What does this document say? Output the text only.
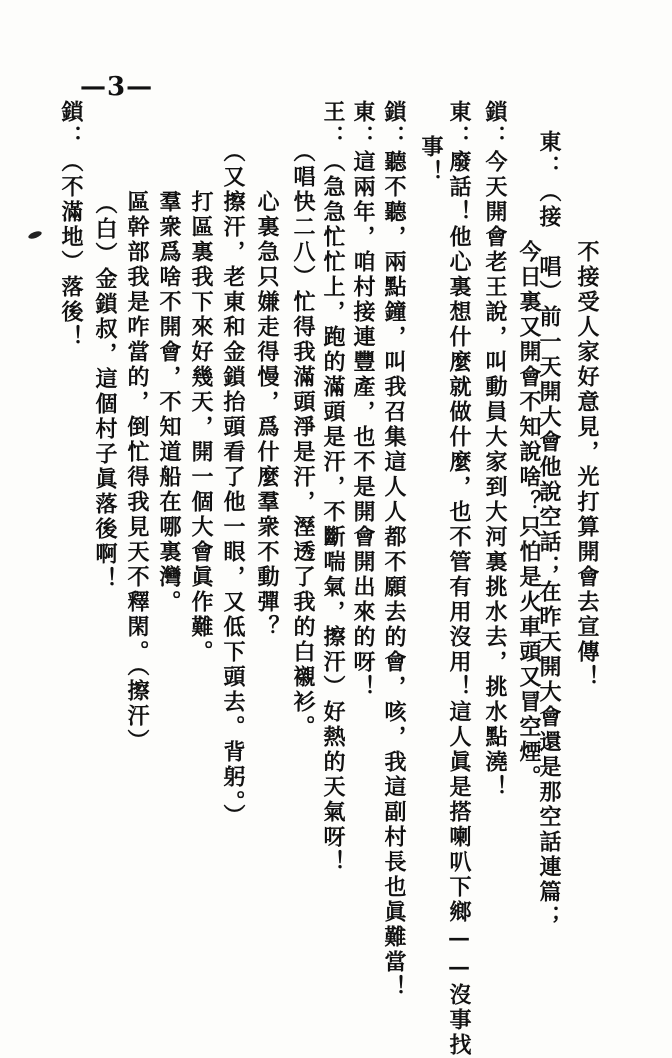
不接受人家好意見，光打算開會去宣傳！
東：（接　唱）前一天開大會他說空話；在昨天開大會還是那空話連篇；
今日裏又開會不知說啥？只怕是火車頭又冒空煙。
鎖：今天開會老王說，叫動員大家到大河裏挑水去，挑水點澆！
東：廢話！他心裏想什麼就做什麼，也不管有用沒用！這人眞是搭喇叭下鄉——沒事找
事！
鎖：聽不聽，兩點鐘，叫我召集這人人都不願去的會，咳，我這副村長也眞難當！
東：這兩年，咱村接連豐產，也不是開會開出來的呀！
王：（急急忙忙上，跑的滿頭是汗，不斷喘氣，擦汗）好熱的天氣呀！
（唱快二八）忙得我滿頭淨是汗，溼透了我的白襯衫。
心裏急只嫌走得慢，爲什麼羣衆不動彈？
（又擦汗，老東和金鎖抬頭看了他一眼，又低下頭去。背躬。）
打區裏我下來好幾天，開一個大會眞作難。
羣衆爲啥不開會，不知道船在哪裏灣。
區幹部我是咋當的，倒忙得我見天不釋閑。（擦汗）
（白）金鎖叔，這個村子眞落後啊！
鎖：（不滿地）落後！
—3—
